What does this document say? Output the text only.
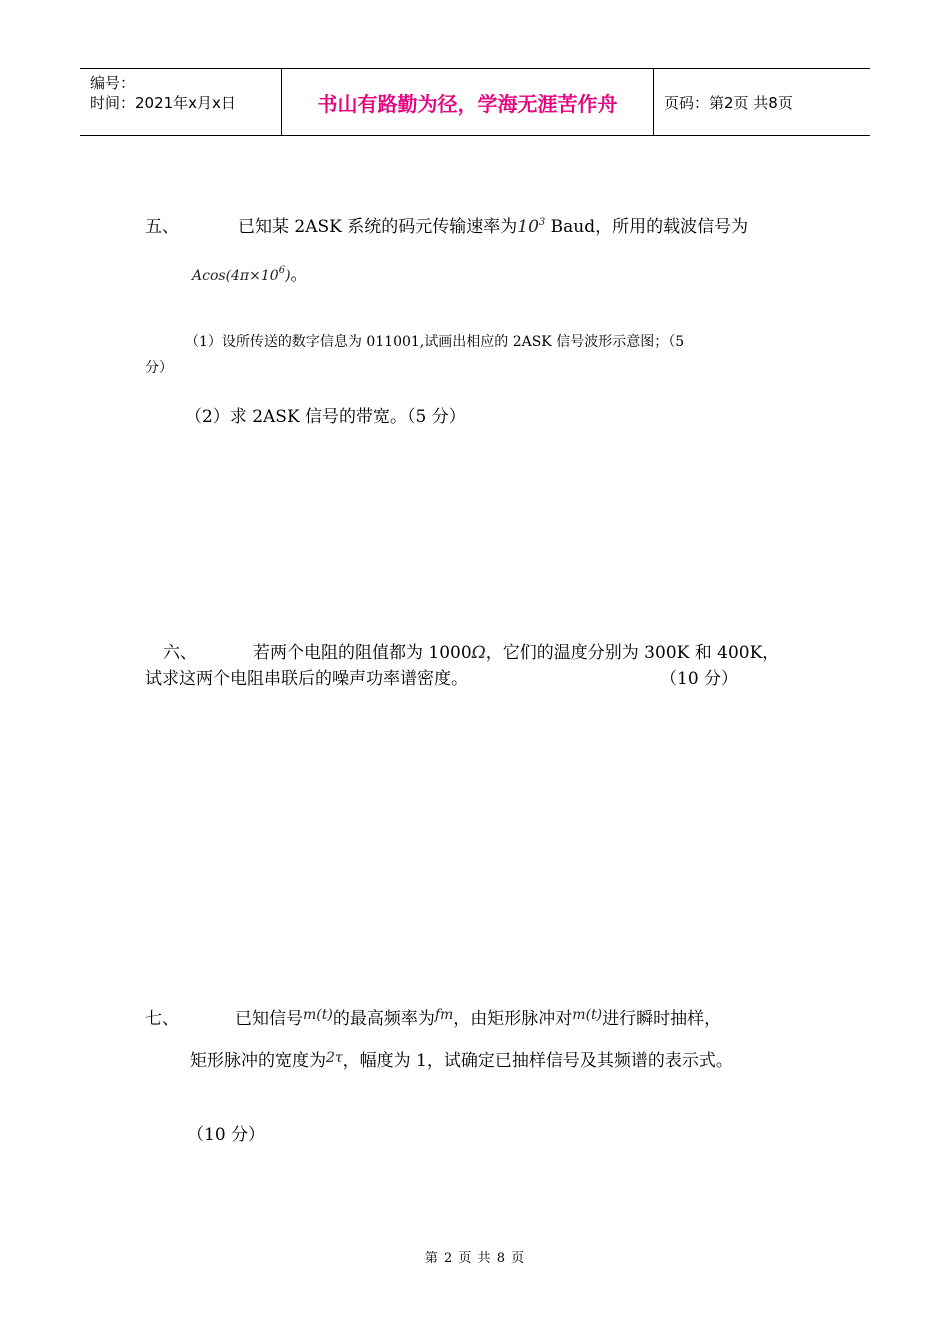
编号：
时间：2021年x月x日	书山有路勤为径，学海无涯苦作舟	页码：第2页 共8页
五、	已知某 2ASK 系统的码元传输速率为$10^3$ Baud，所用的载波信号为
$Acos(4\pi\times 10^6)$。
（1）设所传送的数字信息为 011001,试画出相应的 2ASK 信号波形示意图；（5
分）
（2）求 2ASK 信号的带宽。（5 分）
六、	若两个电阻的阻值都为 1000Ω，它们的温度分别为 300K 和 400K，
试求这两个电阻串联后的噪声功率谱密度。	（10 分）
七、	已知信号$^{m(t)}$的最高频率为$^{fm}$，由矩形脉冲对$^{m(t)}$进行瞬时抽样，
矩形脉冲的宽度为$^{2\tau}$，幅度为 1，试确定已抽样信号及其频谱的表示式。
（10 分）
第 2 页 共 8 页
